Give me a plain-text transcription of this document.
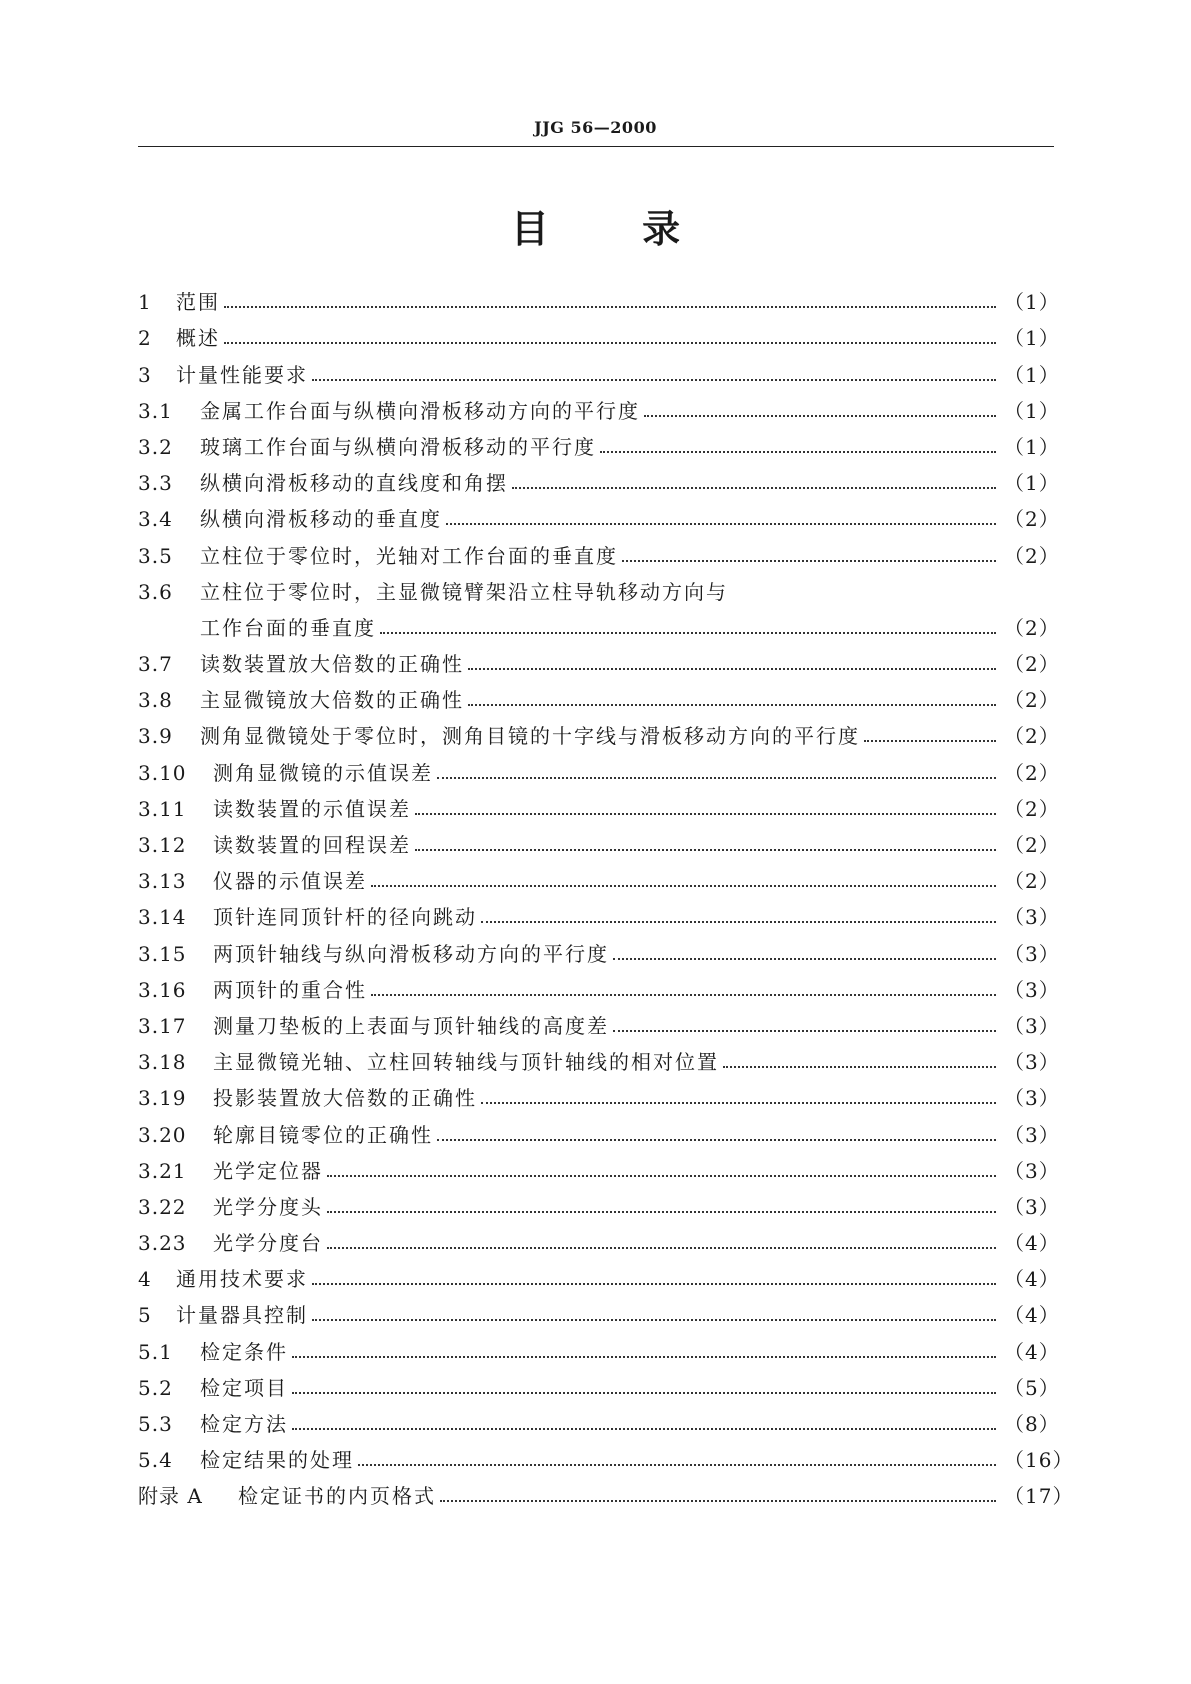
JJG 56—2000
目 录
1	范围	（1）
2	概述	（1）
3	计量性能要求	（1）
3.1	金属工作台面与纵横向滑板移动方向的平行度	（1）
3.2	玻璃工作台面与纵横向滑板移动的平行度	（1）
3.3	纵横向滑板移动的直线度和角摆	（1）
3.4	纵横向滑板移动的垂直度	（2）
3.5	立柱位于零位时，光轴对工作台面的垂直度	（2）
3.6	立柱位于零位时，主显微镜臂架沿立柱导轨移动方向与
工作台面的垂直度	（2）
3.7	读数装置放大倍数的正确性	（2）
3.8	主显微镜放大倍数的正确性	（2）
3.9	测角显微镜处于零位时，测角目镜的十字线与滑板移动方向的平行度	（2）
3.10	测角显微镜的示值误差	（2）
3.11	读数装置的示值误差	（2）
3.12	读数装置的回程误差	（2）
3.13	仪器的示值误差	（2）
3.14	顶针连同顶针杆的径向跳动	（3）
3.15	两顶针轴线与纵向滑板移动方向的平行度	（3）
3.16	两顶针的重合性	（3）
3.17	测量刀垫板的上表面与顶针轴线的高度差	（3）
3.18	主显微镜光轴、立柱回转轴线与顶针轴线的相对位置	（3）
3.19	投影装置放大倍数的正确性	（3）
3.20	轮廓目镜零位的正确性	（3）
3.21	光学定位器	（3）
3.22	光学分度头	（3）
3.23	光学分度台	（4）
4	通用技术要求	（4）
5	计量器具控制	（4）
5.1	检定条件	（4）
5.2	检定项目	（5）
5.3	检定方法	（8）
5.4	检定结果的处理	（16）
附录 A	检定证书的内页格式	（17）
